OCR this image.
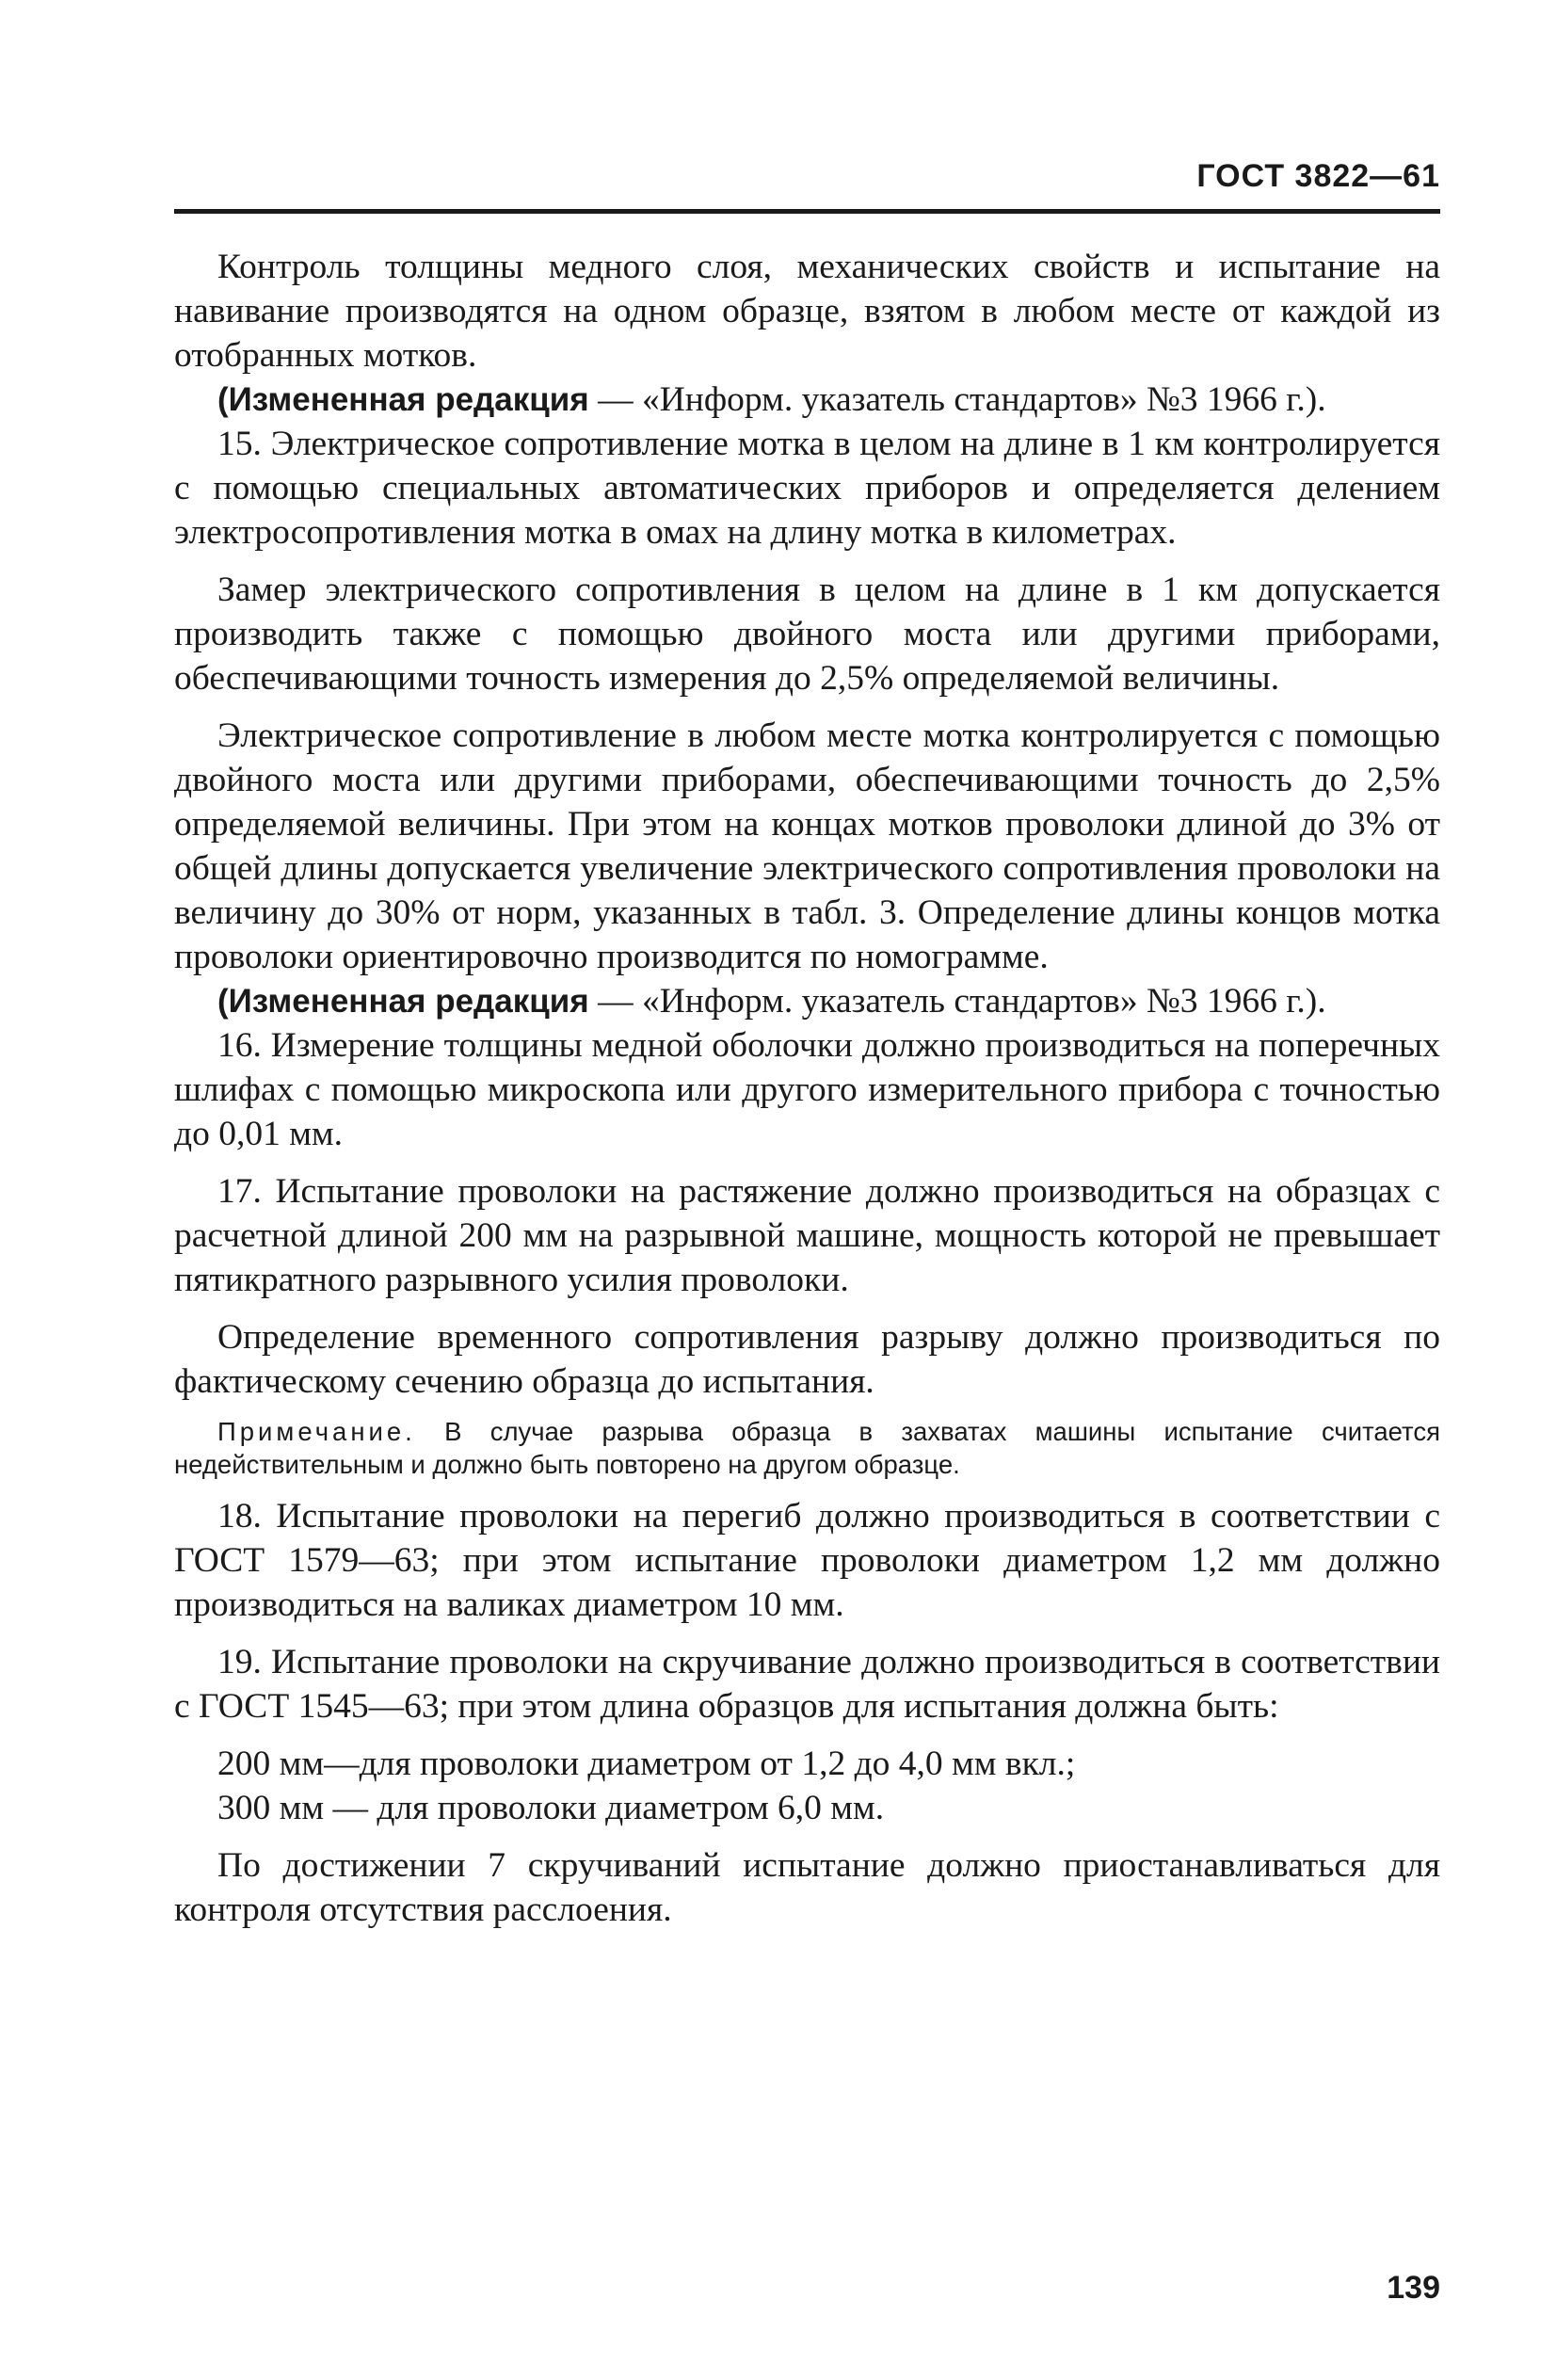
ГОСТ 3822—61

Контроль толщины медного слоя, механических свойств и испытание на навивание производятся на одном образце, взятом в любом месте от каждой из отобранных мотков.

(Измененная редакция — «Информ. указатель стандартов» №3 1966 г.).

15. Электрическое сопротивление мотка в целом на длине в 1 км контролируется с помощью специальных автоматических приборов и определяется делением электросопротивления мотка в омах на длину мотка в километрах.

Замер электрического сопротивления в целом на длине в 1 км допускается производить также с помощью двойного моста или другими приборами, обеспечивающими точность измерения до 2,5% определяемой величины.

Электрическое сопротивление в любом месте мотка контролируется с помощью двойного моста или другими приборами, обеспечивающими точность до 2,5% определяемой величины. При этом на концах мотков проволоки длиной до 3% от общей длины допускается увеличение электрического сопротивления проволоки на величину до 30% от норм, указанных в табл. 3. Определение длины концов мотка проволоки ориентировочно производится по номограмме.

(Измененная редакция — «Информ. указатель стандартов» №3 1966 г.).

16. Измерение толщины медной оболочки должно производиться на поперечных шлифах с помощью микроскопа или другого измерительного прибора с точностью до 0,01 мм.

17. Испытание проволоки на растяжение должно производиться на образцах с расчетной длиной 200 мм на разрывной машине, мощность которой не превышает пятикратного разрывного усилия проволоки.

Определение временного сопротивления разрыву должно производиться по фактическому сечению образца до испытания.

Примечание. В случае разрыва образца в захватах машины испытание считается недействительным и должно быть повторено на другом образце.

18. Испытание проволоки на перегиб должно производиться в соответствии с ГОСТ 1579—63; при этом испытание проволоки диаметром 1,2 мм должно производиться на валиках диаметром 10 мм.

19. Испытание проволоки на скручивание должно производиться в соответствии с ГОСТ 1545—63; при этом длина образцов для испытания должна быть:

200 мм—для проволоки диаметром от 1,2 до 4,0 мм вкл.;

300 мм — для проволоки диаметром 6,0 мм.

По достижении 7 скручиваний испытание должно приостанавливаться для контроля отсутствия расслоения.

139
